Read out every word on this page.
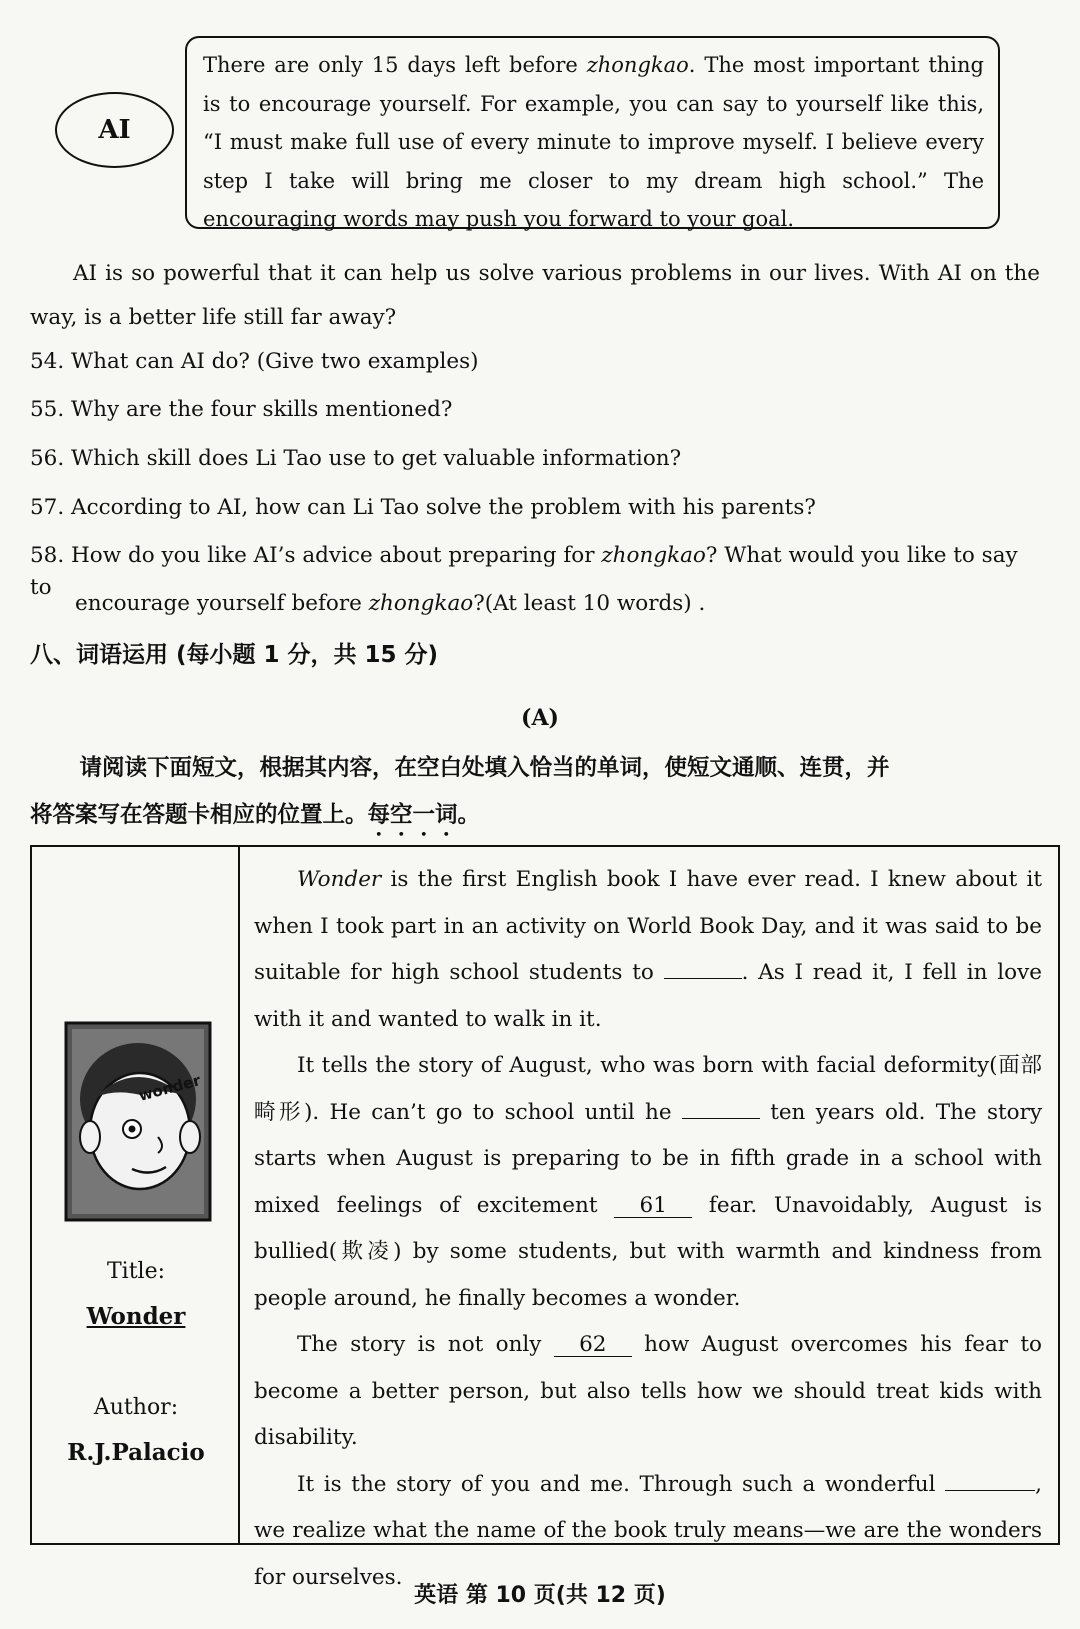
AI

There are only 15 days left before zhongkao. The most important thing is to encourage yourself. For example, you can say to yourself like this, “I must make full use of every minute to improve myself. I believe every step I take will bring me closer to my dream high school.” The encouraging words may push you forward to your goal.

AI is so powerful that it can help us solve various problems in our lives. With AI on the way, is a better life still far away?
54. What can AI do? (Give two examples)
55. Why are the four skills mentioned?
56. Which skill does Li Tao use to get valuable information?
57. According to AI, how can Li Tao solve the problem with his parents?
58. How do you like AI’s advice about preparing for zhongkao? What would you like to say to
encourage yourself before zhongkao?(At least 10 words) .
八、词语运用 (每小题 1 分，共 15 分)
(A)
请阅读下面短文，根据其内容，在空白处填入恰当的单词，使短文通顺、连贯，并
将答案写在答题卡相应的位置上。每空一词。
wonder
Title:
Wonder
Author:
R.J.Palacio

Wonder is the first English book I have ever read. I knew about it when I took part in an activity on World Book Day, and it was said to be suitable for high school students to	. As I read it, I fell in love with it and wanted to walk in it.

It tells the story of August, who was born with facial deformity(面部畸形). He can’t go to school until he	ten years old. The story starts when August is preparing to be in fifth grade in a school with mixed feelings of excitement 61 fear. Unavoidably, August is bullied(欺凌) by some students, but with warmth and kindness from people around, he finally becomes a wonder.

The story is not only 62 how August overcomes his fear to become a better person, but also tells how we should treat kids with disability.

It is the story of you and me. Through such a wonderful	, we realize what the name of the book truly means—we are the wonders for ourselves.

英语 第 10 页(共 12 页)
